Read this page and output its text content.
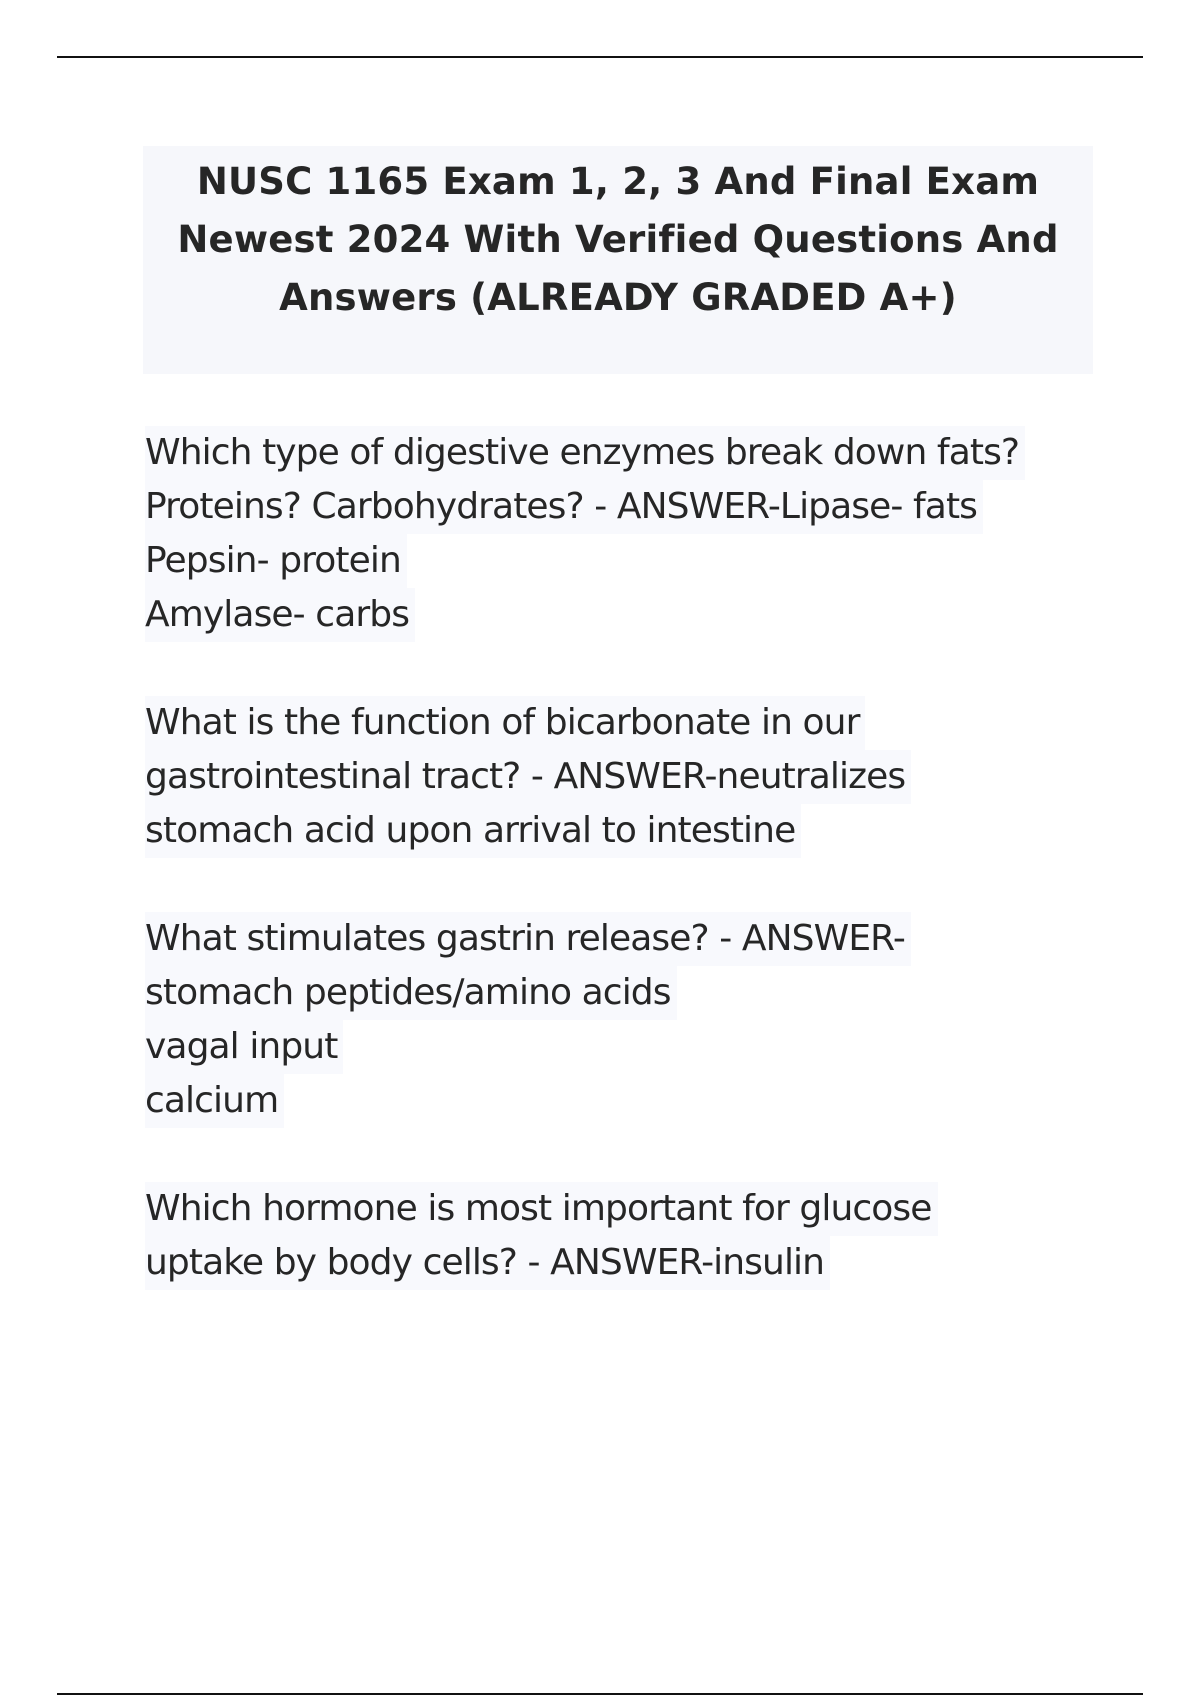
NUSC 1165 Exam 1, 2, 3 And Final Exam
Newest 2024 With Verified Questions And
Answers (ALREADY GRADED A+)
Which type of digestive enzymes break down fats?
Proteins? Carbohydrates? - ANSWER-Lipase- fats
Pepsin- protein
Amylase- carbs
What is the function of bicarbonate in our
gastrointestinal tract? - ANSWER-neutralizes
stomach acid upon arrival to intestine
What stimulates gastrin release? - ANSWER-
stomach peptides/amino acids
vagal input
calcium
Which hormone is most important for glucose
uptake by body cells? - ANSWER-insulin
